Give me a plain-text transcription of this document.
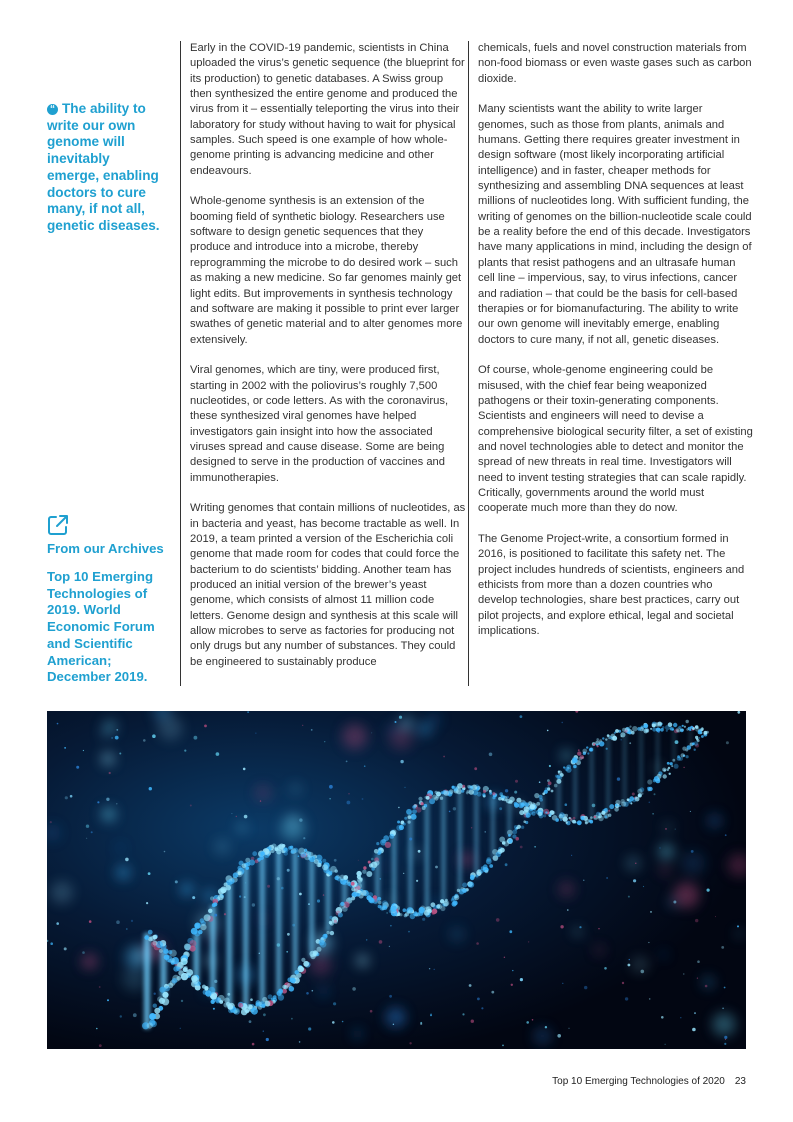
“ The ability to write our own genome will inevitably emerge, enabling doctors to cure many, if not all, genetic diseases.
From our Archives
Top 10 Emerging Technologies of 2019. World Economic Forum and Scientific American; December 2019.

Early in the COVID-19 pandemic, scientists in China uploaded the virus’s genetic sequence (the blueprint for its production) to genetic databases. A Swiss group then synthesized the entire genome and produced the virus from it – essentially teleporting the virus into their laboratory for study without having to wait for physical samples. Such speed is one example of how whole-genome printing is advancing medicine and other endeavours.

Whole-genome synthesis is an extension of the booming field of synthetic biology. Researchers use software to design genetic sequences that they produce and introduce into a microbe, thereby reprogramming the microbe to do desired work – such as making a new medicine. So far genomes mainly get light edits. But improvements in synthesis technology and software are making it possible to print ever larger swathes of genetic material and to alter genomes more extensively.

Viral genomes, which are tiny, were produced first, starting in 2002 with the poliovirus’s roughly 7,500 nucleotides, or code letters. As with the coronavirus, these synthesized viral genomes have helped investigators gain insight into how the associated viruses spread and cause disease. Some are being designed to serve in the production of vaccines and immunotherapies.

Writing genomes that contain millions of nucleotides, as in bacteria and yeast, has become tractable as well. In 2019, a team printed a version of the Escherichia coli genome that made room for codes that could force the bacterium to do scientists’ bidding. Another team has produced an initial version of the brewer’s yeast genome, which consists of almost 11 million code letters. Genome design and synthesis at this scale will allow microbes to serve as factories for producing not only drugs but any number of substances. They could be engineered to sustainably produce

chemicals, fuels and novel construction materials from non-food biomass or even waste gases such as carbon dioxide.

Many scientists want the ability to write larger genomes, such as those from plants, animals and humans. Getting there requires greater investment in design software (most likely incorporating artificial intelligence) and in faster, cheaper methods for synthesizing and assembling DNA sequences at least millions of nucleotides long. With sufficient funding, the writing of genomes on the billion-nucleotide scale could be a reality before the end of this decade. Investigators have many applications in mind, including the design of plants that resist pathogens and an ultrasafe human cell line – impervious, say, to virus infections, cancer and radiation – that could be the basis for cell-based therapies or for biomanufacturing. The ability to write our own genome will inevitably emerge, enabling doctors to cure many, if not all, genetic diseases.

Of course, whole-genome engineering could be misused, with the chief fear being weaponized pathogens or their toxin-generating components. Scientists and engineers will need to devise a comprehensive biological security filter, a set of existing and novel technologies able to detect and monitor the spread of new threats in real time. Investigators will need to invent testing strategies that can scale rapidly. Critically, governments around the world must cooperate much more than they do now.

The Genome Project-write, a consortium formed in 2016, is positioned to facilitate this safety net. The project includes hundreds of scientists, engineers and ethicists from more than a dozen countries who develop technologies, share best practices, carry out pilot projects, and explore ethical, legal and societal implications.

Top 10 Emerging Technologies of 2020 23
